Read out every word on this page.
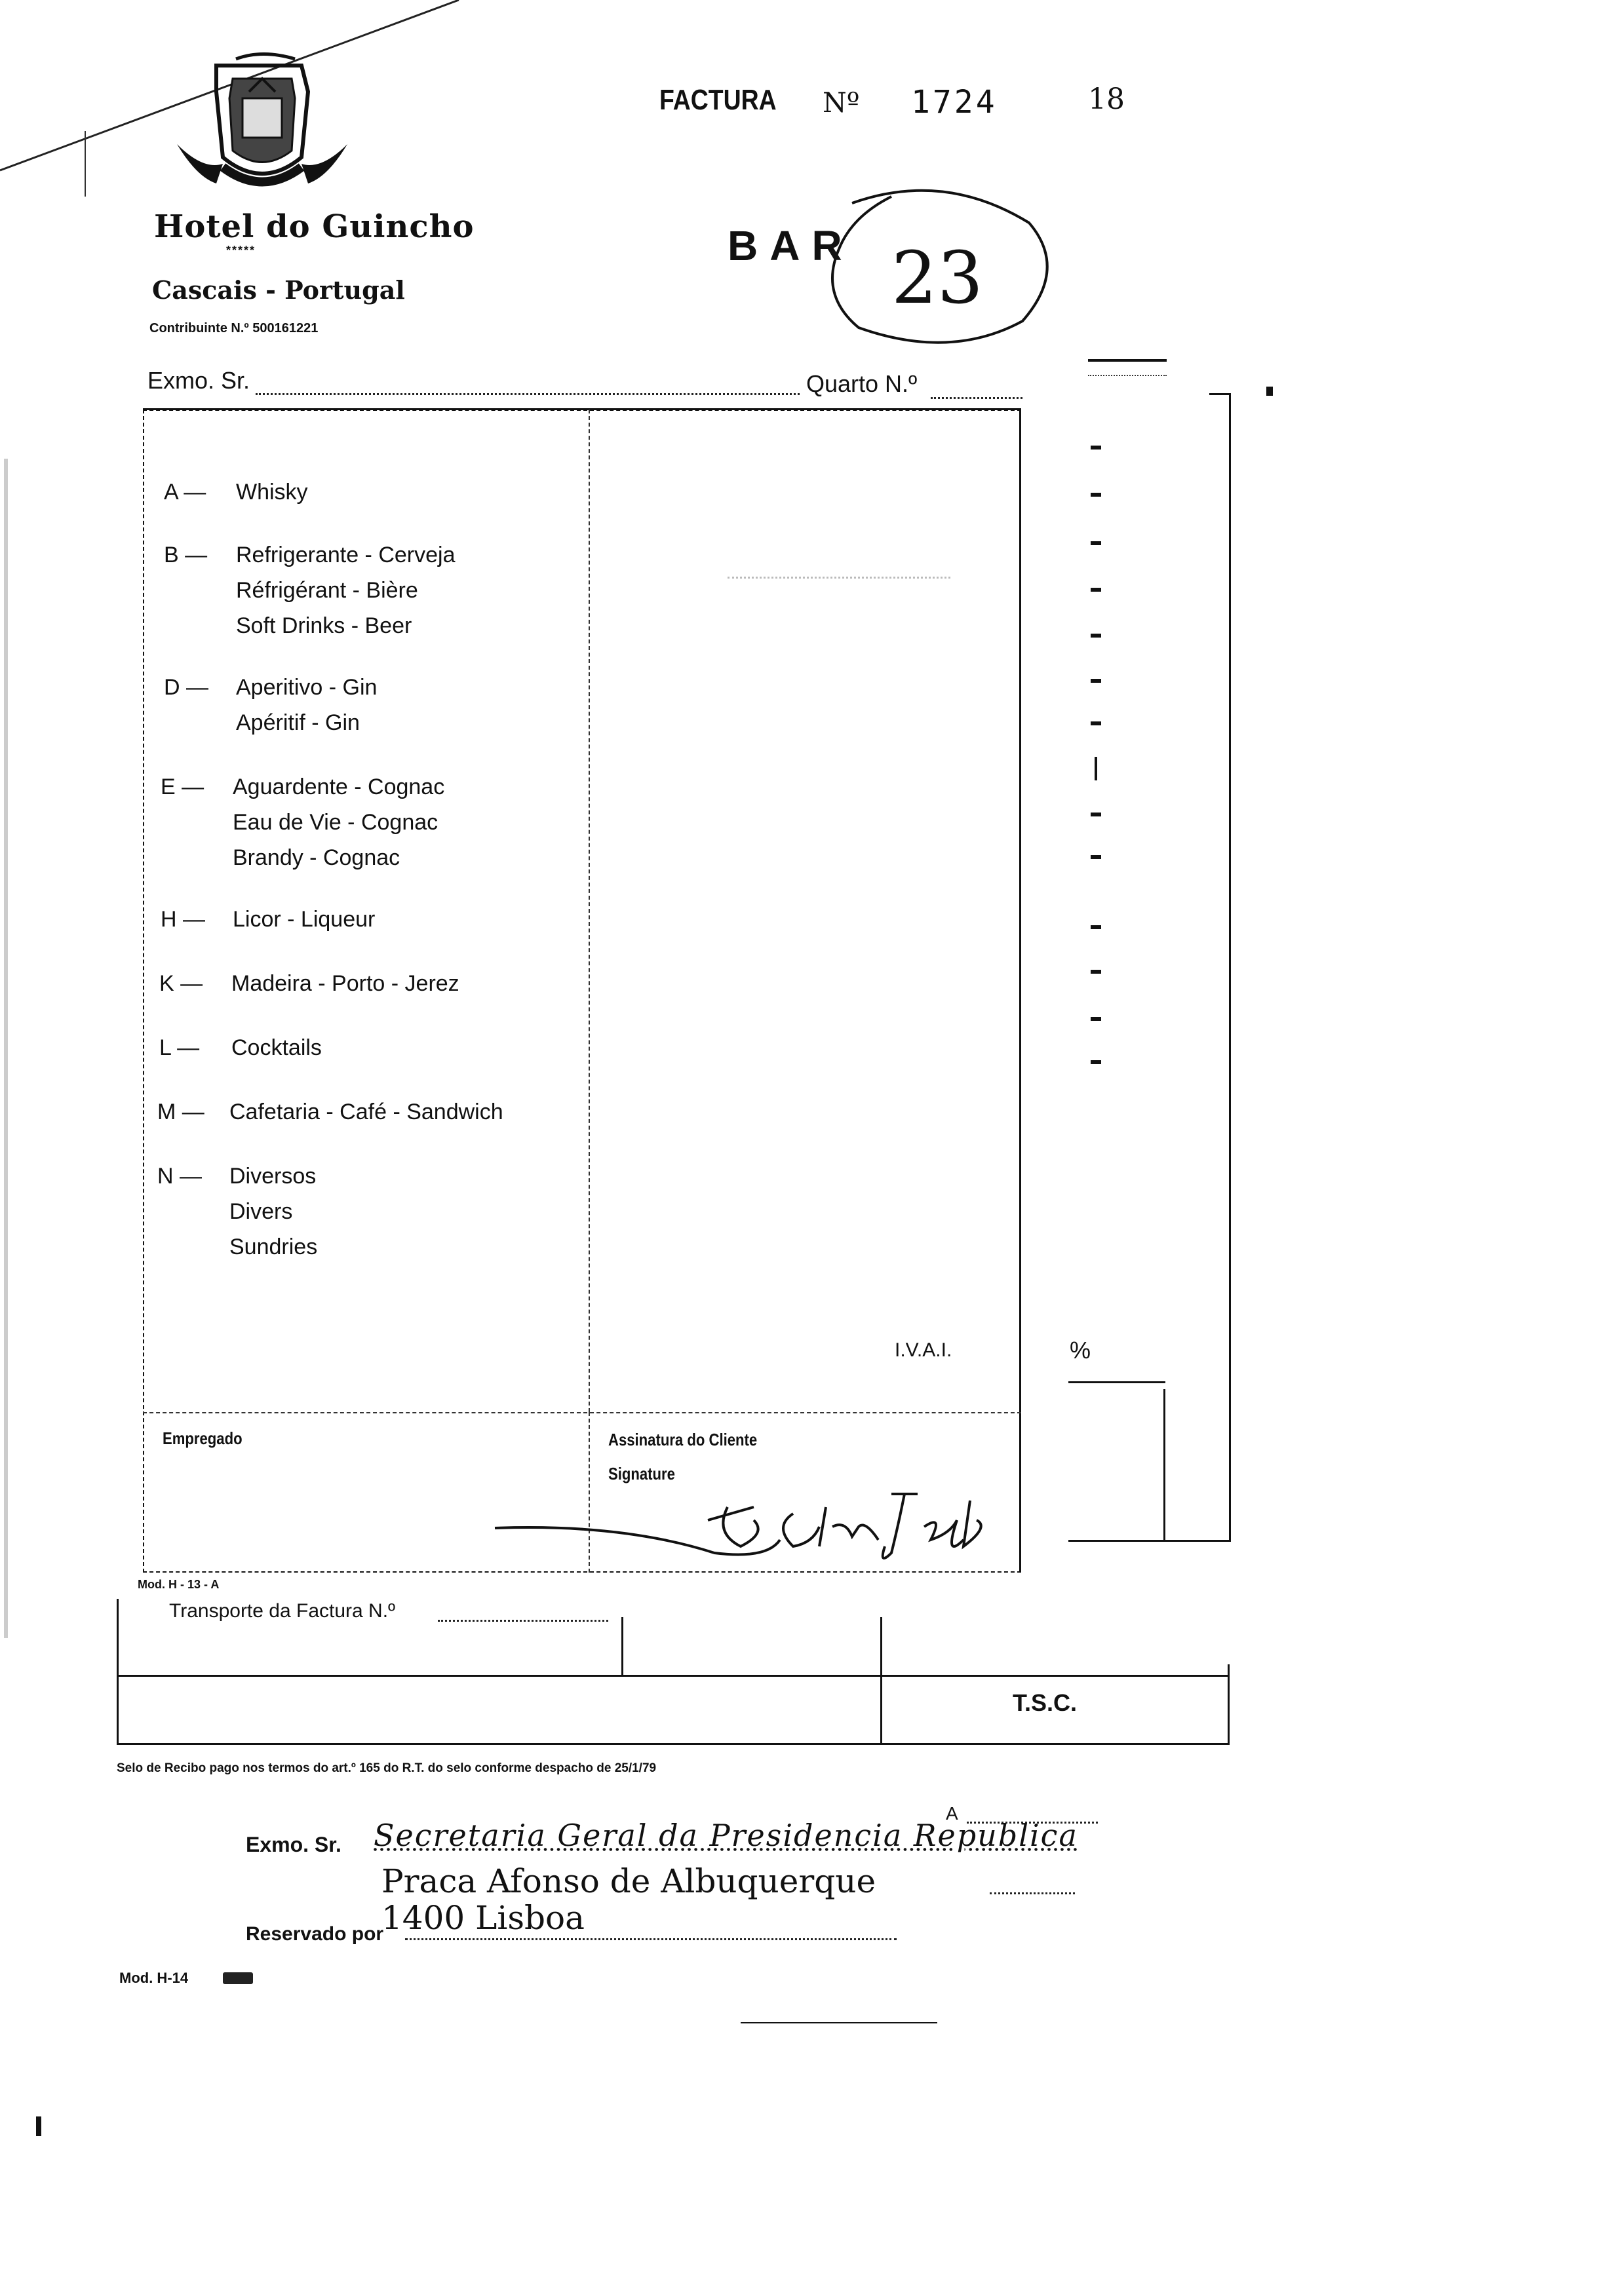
Hotel do Guincho
*****
Cascais - Portugal
Contribuinte N.º 500161221
FACTURA Nº 1724	18
BAR 23
Exmo. Sr.	Quarto N.º
A — Whisky
B — Refrigerante - Cerveja
Réfrigérant - Bière
Soft Drinks - Beer
D — Aperitivo - Gin
Apéritif - Gin
E — Aguardente - Cognac
Eau de Vie - Cognac
Brandy - Cognac
H — Licor - Liqueur
K — Madeira - Porto - Jerez
L — Cocktails
M — Cafetaria - Café - Sandwich
N — Diversos
Divers
Sundries
I.V.A.I.	%
Empregado	Assinatura do Cliente
Signature
Mod. H - 13 - A
Transporte da Factura N.º
T.S.C.
Selo de Recibo pago nos termos do art.º 165 do R.T. do selo conforme despacho de 25/1/79
A
Exmo. Sr. Secretaria Geral da Presidencia Republica
Praca Afonso de Albuquerque
1400 Lisboa
Reservado por
Mod. H-14
